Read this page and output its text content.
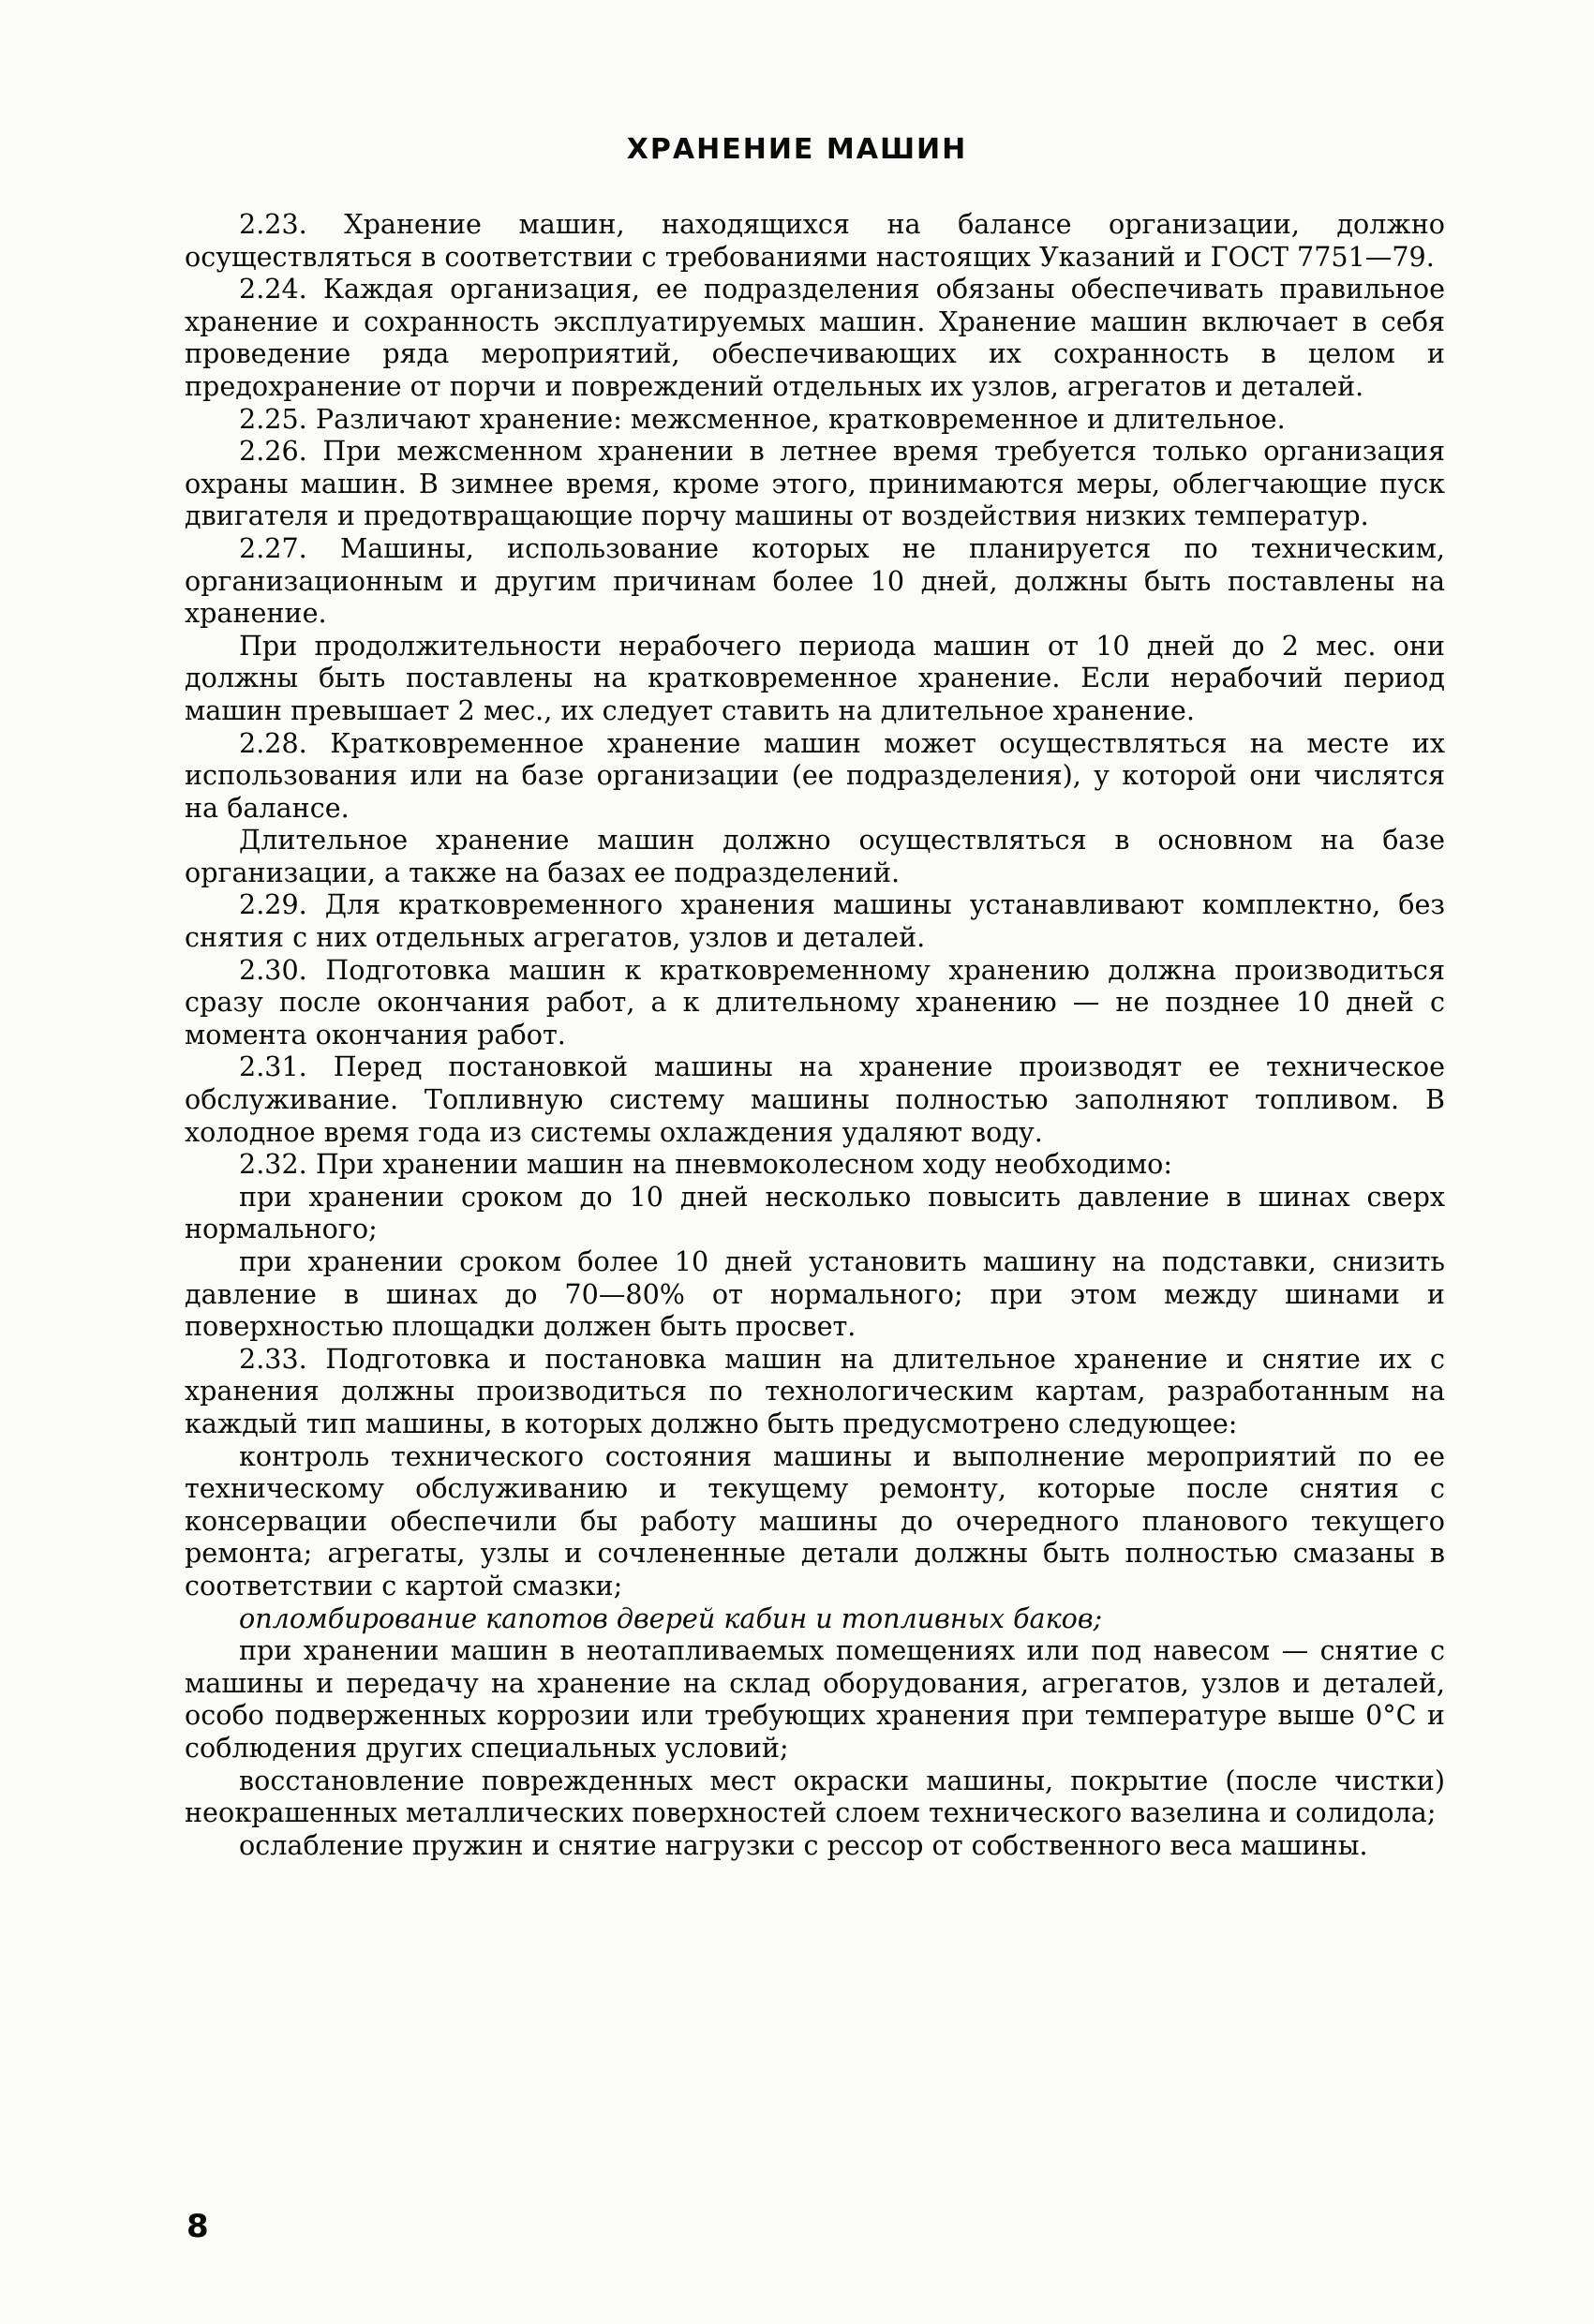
ХРАНЕНИЕ МАШИН

2.23. Хранение машин, находящихся на балансе организации, должно осуществляться в соответствии с требованиями настоящих Указаний и ГОСТ 7751—79.

2.24. Каждая организация, ее подразделения обязаны обеспечивать правильное хранение и сохранность эксплуатируемых машин. Хранение машин включает в себя проведение ряда мероприятий, обеспечивающих их сохранность в целом и предохранение от порчи и повреждений отдельных их узлов, агрегатов и деталей.

2.25. Различают хранение: межсменное, кратковременное и длительное.

2.26. При межсменном хранении в летнее время требуется только организация охраны машин. В зимнее время, кроме этого, принимаются меры, облегчающие пуск двигателя и предотвращающие порчу машины от воздействия низких температур.

2.27. Машины, использование которых не планируется по техническим, организационным и другим причинам более 10 дней, должны быть поставлены на хранение.

При продолжительности нерабочего периода машин от 10 дней до 2 мес. они должны быть поставлены на кратковременное хранение. Если нерабочий период машин превышает 2 мес., их следует ставить на длительное хранение.

2.28. Кратковременное хранение машин может осуществляться на месте их использования или на базе организации (ее подразделения), у которой они числятся на балансе.

Длительное хранение машин должно осуществляться в основном на базе организации, а также на базах ее подразделений.

2.29. Для кратковременного хранения машины устанавливают комплектно, без снятия с них отдельных агрегатов, узлов и деталей.

2.30. Подготовка машин к кратковременному хранению должна производиться сразу после окончания работ, а к длительному хранению — не позднее 10 дней с момента окончания работ.

2.31. Перед постановкой машины на хранение производят ее техническое обслуживание. Топливную систему машины полностью заполняют топливом. В холодное время года из системы охлаждения удаляют воду.

2.32. При хранении машин на пневмоколесном ходу необходимо:

при хранении сроком до 10 дней несколько повысить давление в шинах сверх нормального;

при хранении сроком более 10 дней установить машину на подставки, снизить давление в шинах до 70—80% от нормального; при этом между шинами и поверхностью площадки должен быть просвет.

2.33. Подготовка и постановка машин на длительное хранение и снятие их с хранения должны производиться по технологическим картам, разработанным на каждый тип машины, в которых должно быть предусмотрено следующее:

контроль технического состояния машины и выполнение мероприятий по ее техническому обслуживанию и текущему ремонту, которые после снятия с консервации обеспечили бы работу машины до очередного планового текущего ремонта; агрегаты, узлы и сочлененные детали должны быть полностью смазаны в соответствии с картой смазки;

опломбирование капотов дверей кабин и топливных баков;

при хранении машин в неотапливаемых помещениях или под навесом — снятие с машины и передачу на хранение на склад оборудования, агрегатов, узлов и деталей, особо подверженных коррозии или требующих хранения при температуре выше 0°С и соблюдения других специальных условий;

восстановление поврежденных мест окраски машины, покрытие (после чистки) неокрашенных металлических поверхностей слоем технического вазелина и солидола;

ослабление пружин и снятие нагрузки с рессор от собственного веса машины.

8
